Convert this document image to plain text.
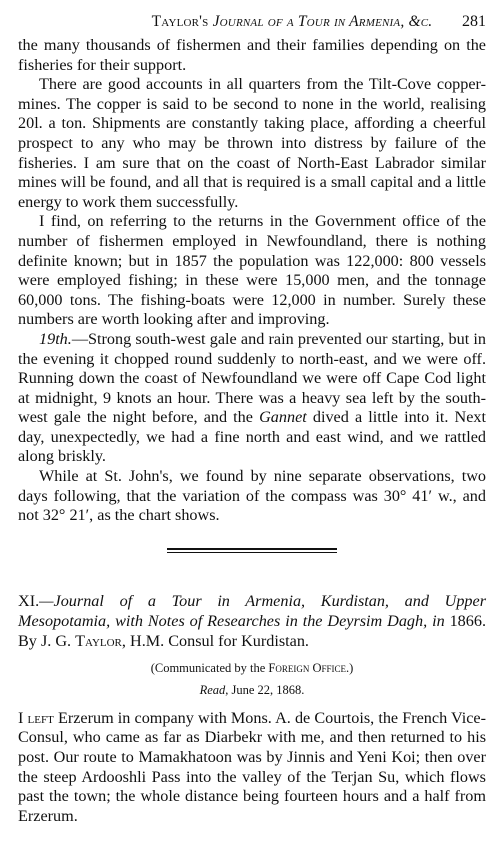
Taylor's Journal of a Tour in Armenia, &c. 281

the many thousands of fishermen and their families depending on the fisheries for their support.

There are good accounts in all quarters from the Tilt-Cove copper-mines. The copper is said to be second to none in the world, realising 20l. a ton. Shipments are constantly taking place, affording a cheerful prospect to any who may be thrown into distress by failure of the fisheries. I am sure that on the coast of North-East Labrador similar mines will be found, and all that is required is a small capital and a little energy to work them successfully.

I find, on referring to the returns in the Government office of the number of fishermen employed in Newfoundland, there is nothing definite known; but in 1857 the population was 122,000: 800 vessels were employed fishing; in these were 15,000 men, and the tonnage 60,000 tons. The fishing-boats were 12,000 in number. Surely these numbers are worth looking after and improving.

19th.—Strong south-west gale and rain prevented our starting, but in the evening it chopped round suddenly to north-east, and we were off. Running down the coast of Newfoundland we were off Cape Cod light at midnight, 9 knots an hour. There was a heavy sea left by the south-west gale the night before, and the Gannet dived a little into it. Next day, unexpectedly, we had a fine north and east wind, and we rattled along briskly.

While at St. John's, we found by nine separate observations, two days following, that the variation of the compass was 30° 41′ w., and not 32° 21′, as the chart shows.

XI.—Journal of a Tour in Armenia, Kurdistan, and Upper Mesopotamia, with Notes of Researches in the Deyrsim Dagh, in 1866. By J. G. Taylor, H.M. Consul for Kurdistan.
(Communicated by the Foreign Office.)
Read, June 22, 1868.

I left Erzerum in company with Mons. A. de Courtois, the French Vice-Consul, who came as far as Diarbekr with me, and then returned to his post. Our route to Mamakhatoon was by Jinnis and Yeni Koi; then over the steep Ardooshli Pass into the valley of the Terjan Su, which flows past the town; the whole distance being fourteen hours and a half from Erzerum.
